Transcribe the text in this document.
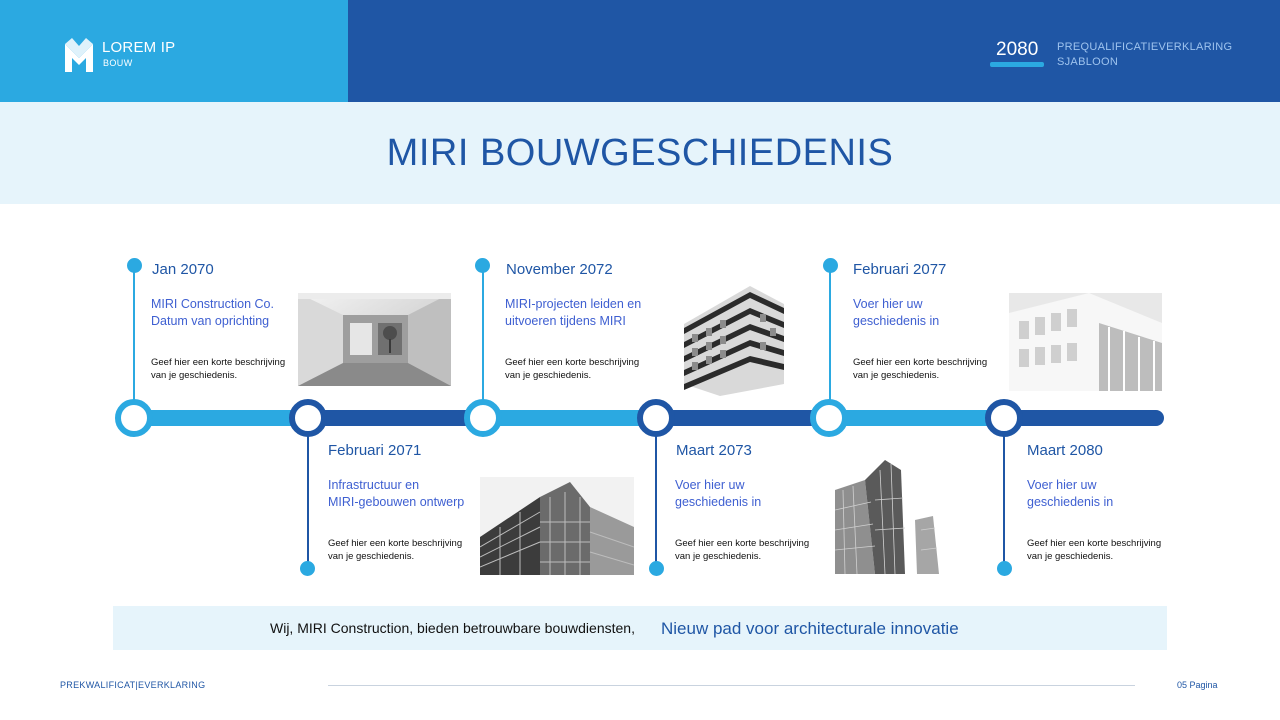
LOREM IP
BOUW
2080 PREQUALIFICATIEVERKLARING
SJABLOON
MIRI BOUWGESCHIEDENIS
Jan 2070
MIRI Construction Co.
Datum van oprichting
Geef hier een korte beschrijving
van je geschiedenis.
Februari 2071
Infrastructuur en
MIRI-gebouwen ontwerp
Geef hier een korte beschrijving
van je geschiedenis.
November 2072
MIRI-projecten leiden en
uitvoeren tijdens MIRI
Geef hier een korte beschrijving
van je geschiedenis.
Maart 2073
Voer hier uw
geschiedenis in
Geef hier een korte beschrijving
van je geschiedenis.
Februari 2077
Voer hier uw
geschiedenis in
Geef hier een korte beschrijving
van je geschiedenis.
Maart 2080
Voer hier uw
geschiedenis in
Geef hier een korte beschrijving
van je geschiedenis.
Wij, MIRI Construction, bieden betrouwbare bouwdiensten, Nieuw pad voor architecturale innovatie
PREKWALIFICAT|EVERKLARING	05 Pagina
